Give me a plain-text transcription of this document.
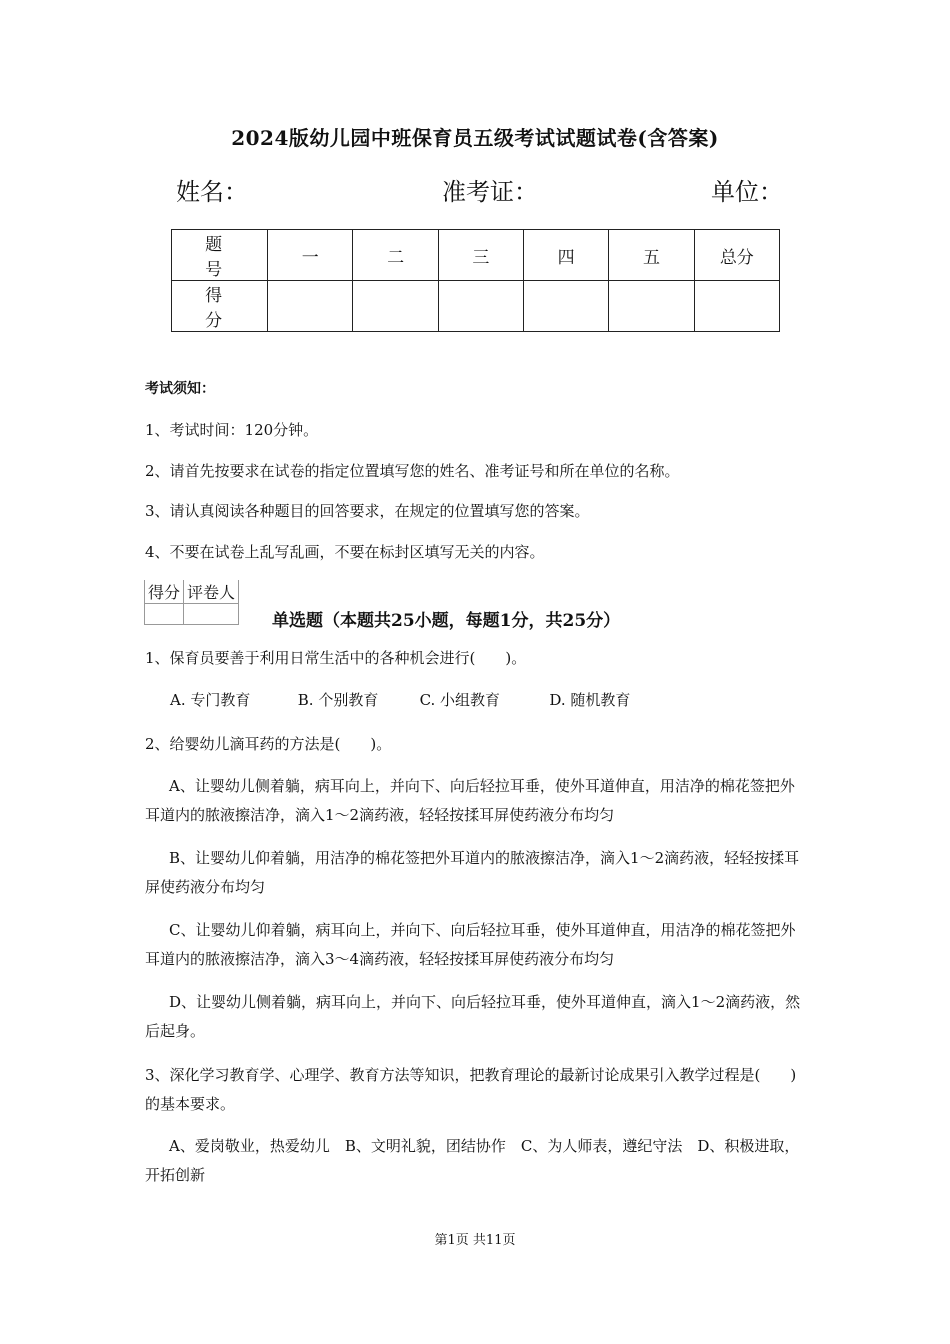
2024版幼儿园中班保育员五级考试试题试卷(含答案)
姓名：	准考证：	单位：
题 号	一	二	三	四	五	总分
得 分						
考试须知：
1、考试时间：120分钟。
2、请首先按要求在试卷的指定位置填写您的姓名、准考证号和所在单位的名称。
3、请认真阅读各种题目的回答要求，在规定的位置填写您的答案。
4、不要在试卷上乱写乱画，不要在标封区填写无关的内容。
得分	评卷人

单选题（本题共25小题，每题1分，共25分）
1、保育员要善于利用日常生活中的各种机会进行(　　)。
A. 专门教育	B. 个别教育	C. 小组教育	D. 随机教育
2、给婴幼儿滴耳药的方法是(　　)。
A、让婴幼儿侧着躺，病耳向上，并向下、向后轻拉耳垂，使外耳道伸直，用洁净的棉花签把外耳道内的脓液擦洁净，滴入1～2滴药液，轻轻按揉耳屏使药液分布均匀
B、让婴幼儿仰着躺，用洁净的棉花签把外耳道内的脓液擦洁净，滴入1～2滴药液，轻轻按揉耳屏使药液分布均匀
C、让婴幼儿仰着躺，病耳向上，并向下、向后轻拉耳垂，使外耳道伸直，用洁净的棉花签把外耳道内的脓液擦洁净，滴入3～4滴药液，轻轻按揉耳屏使药液分布均匀
D、让婴幼儿侧着躺，病耳向上，并向下、向后轻拉耳垂，使外耳道伸直，滴入1～2滴药液，然后起身。
3、深化学习教育学、心理学、教育方法等知识，把教育理论的最新讨论成果引入教学过程是(　　)的基本要求。
A、爱岗敬业，热爱幼儿　B、文明礼貌，团结协作　C、为人师表，遵纪守法　D、积极进取，开拓创新
第1页 共11页
